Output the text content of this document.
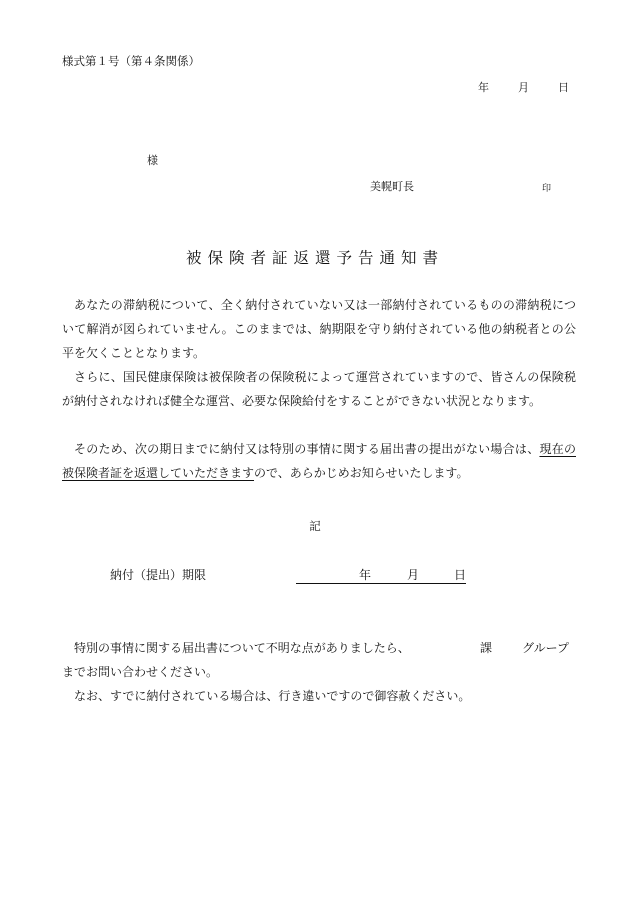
様式第１号（第４条関係）
年	月	日
様
美幌町長	印
被保険者証返還予告通知書
あなたの滞納税について、全く納付されていない又は一部納付されているものの滞納税について解消が図られていません。このままでは、納期限を守り納付されている他の納税者との公平を欠くこととなります。
さらに、国民健康保険は被保険者の保険税によって運営されていますので、皆さんの保険税が納付されなければ健全な運営、必要な保険給付をすることができない状況となります。
そのため、次の期日までに納付又は特別の事情に関する届出書の提出がない場合は、現在の被保険者証を返還していただきますので、あらかじめお知らせいたします。
記
納付（提出）期限	年	月	日
特別の事情に関する届出書について不明な点がありましたら、	課 グループ
までお問い合わせください。
なお、すでに納付されている場合は、行き違いですので御容赦ください。
